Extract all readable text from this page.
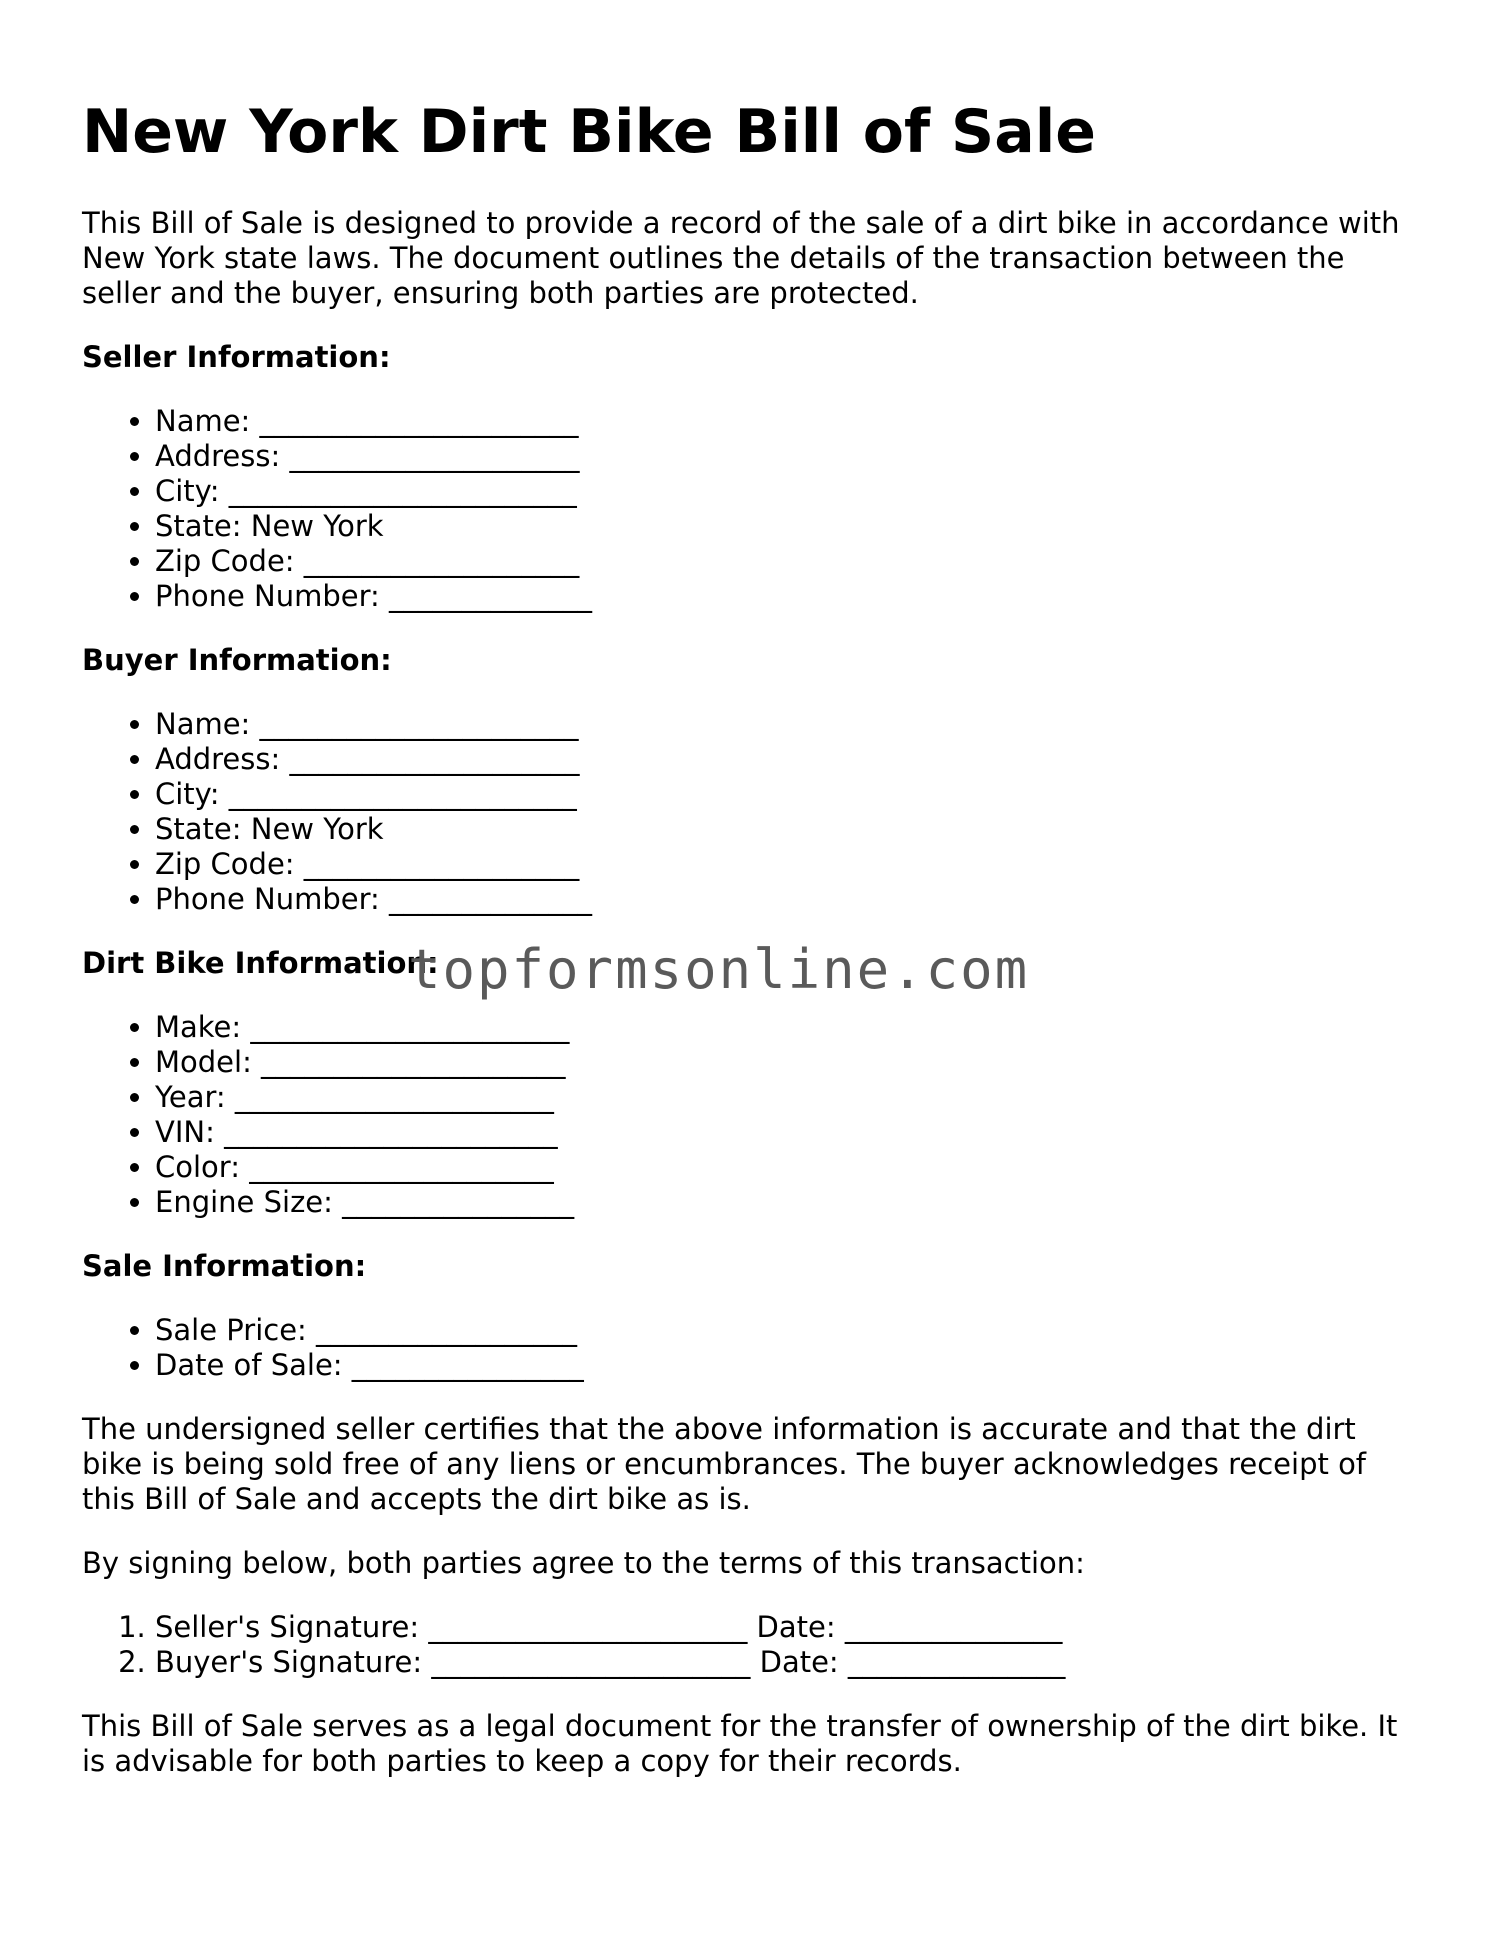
New York Dirt Bike Bill of Sale

This Bill of Sale is designed to provide a record of the sale of a dirt bike in accordance with New York state laws. The document outlines the details of the transaction between the seller and the buyer, ensuring both parties are protected.

Seller Information:
• Name: ______________________
• Address: ____________________
• City: ________________________
• State: New York
• Zip Code: ___________________
• Phone Number: ______________
Buyer Information:
• Name: ______________________
• Address: ____________________
• City: ________________________
• State: New York
• Zip Code: ___________________
• Phone Number: ______________
Dirt Bike Information:
• Make: ______________________
• Model: _____________________
• Year: ______________________
• VIN: _______________________
• Color: _____________________
• Engine Size: ________________
Sale Information:
• Sale Price: __________________
• Date of Sale: ________________

The undersigned seller certifies that the above information is accurate and that the dirt bike is being sold free of any liens or encumbrances. The buyer acknowledges receipt of this Bill of Sale and accepts the dirt bike as is.

By signing below, both parties agree to the terms of this transaction:

1. Seller's Signature: ______________________ Date: _______________
2. Buyer's Signature: ______________________ Date: _______________

This Bill of Sale serves as a legal document for the transfer of ownership of the dirt bike. It is advisable for both parties to keep a copy for their records.

topformsonline.com
